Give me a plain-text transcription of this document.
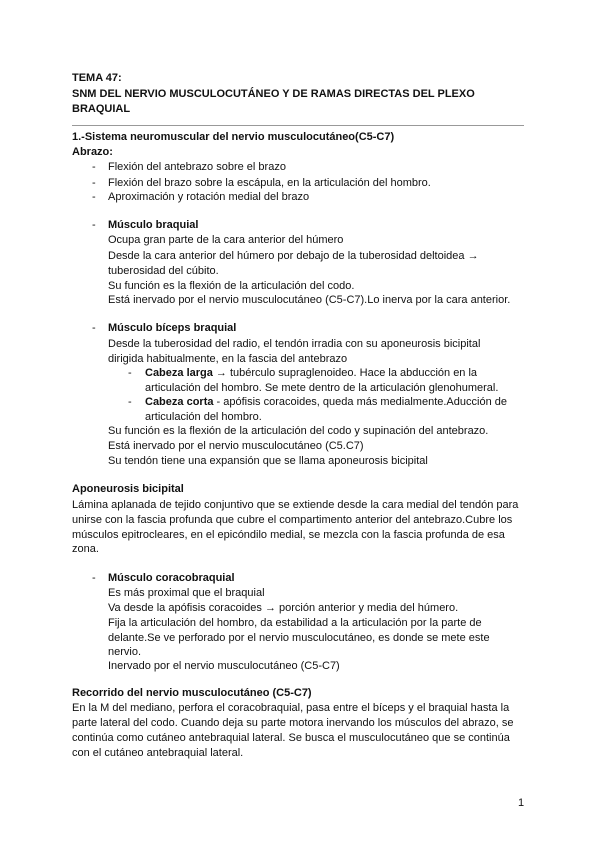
TEMA 47:
SNM DEL NERVIO MUSCULOCUTÁNEO Y DE RAMAS DIRECTAS DEL PLEXO
BRAQUIAL
1.-Sistema neuromuscular del nervio musculocutáneo(C5-C7)
Abrazo:
- Flexión del antebrazo sobre el brazo
- Flexión del brazo sobre la escápula, en la articulación del hombro.
- Aproximación y rotación medial del brazo
- Músculo braquial
Ocupa gran parte de la cara anterior del húmero
Desde la cara anterior del húmero por debajo de la tuberosidad deltoidea →
tuberosidad del cúbito.
Su función es la flexión de la articulación del codo.
Está inervado por el nervio musculocutáneo (C5-C7).Lo inerva por la cara anterior.
- Músculo bíceps braquial
Desde la tuberosidad del radio, el tendón irradia con su aponeurosis bicipital
dirigida habitualmente, en la fascia del antebrazo
Su función es la flexión de la articulación del codo y supinación del antebrazo.
Está inervado por el nervio musculocutáneo (C5.C7)
Su tendón tiene una expansión que se llama aponeurosis bicipital
Aponeurosis bicipital
Lámina aplanada de tejido conjuntivo que se extiende desde la cara medial del tendón para
unirse con la fascia profunda que cubre el compartimento anterior del antebrazo.Cubre los
músculos epitrocleares, en el epicóndilo medial, se mezcla con la fascia profunda de esa
zona.
- Músculo coracobraquial
Es más proximal que el braquial
Va desde la apófisis coracoides → porción anterior y media del húmero.
Fija la articulación del hombro, da estabilidad a la articulación por la parte de
delante.Se ve perforado por el nervio musculocutáneo, es donde se mete este
nervio.
Inervado por el nervio musculocutáneo (C5-C7)
Recorrido del nervio musculocutáneo (C5-C7)
En la M del mediano, perfora el coracobraquial, pasa entre el bíceps y el braquial hasta la
parte lateral del codo. Cuando deja su parte motora inervando los músculos del abrazo, se
continúa como cutáneo antebraquial lateral. Se busca el musculocutáneo que se continúa
con el cutáneo antebraquial lateral.
1
- Cabeza larga → tubérculo supraglenoideo. Hace la abducción en la
articulación del hombro. Se mete dentro de la articulación glenohumeral.
- Cabeza corta - apófisis coracoides, queda más medialmente.Aducción de
articulación del hombro.
